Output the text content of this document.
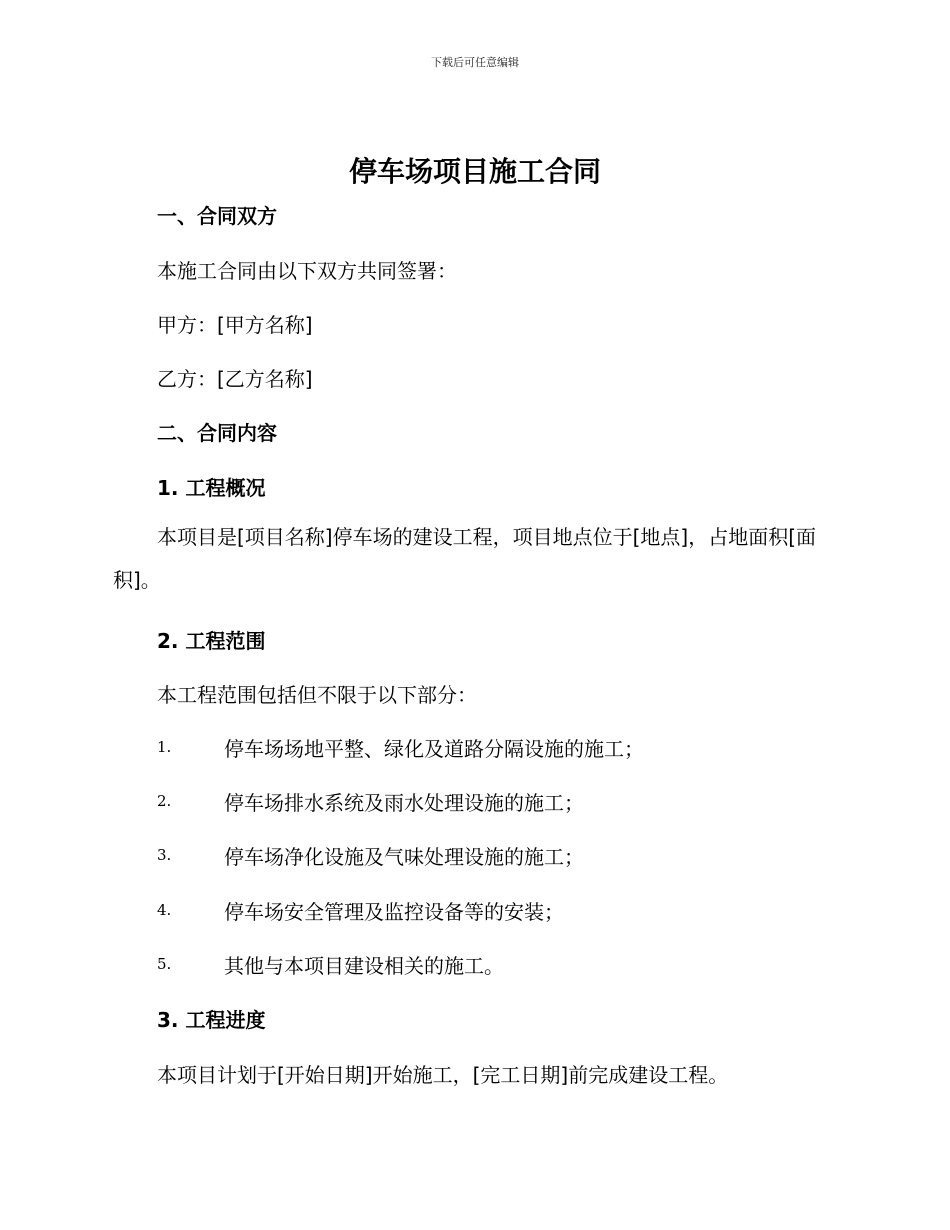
下载后可任意编辑
停车场项目施工合同
一、合同双方
本施工合同由以下双方共同签署：
甲方：[甲方名称]
乙方：[乙方名称]
二、合同内容
1. 工程概况
本项目是[项目名称]停车场的建设工程，项目地点位于[地点]，占地面积[面积]。
2. 工程范围
本工程范围包括但不限于以下部分：
1.	停车场场地平整、绿化及道路分隔设施的施工；
2.	停车场排水系统及雨水处理设施的施工；
3.	停车场净化设施及气味处理设施的施工；
4.	停车场安全管理及监控设备等的安装；
5.	其他与本项目建设相关的施工。
3. 工程进度
本项目计划于[开始日期]开始施工，[完工日期]前完成建设工程。
